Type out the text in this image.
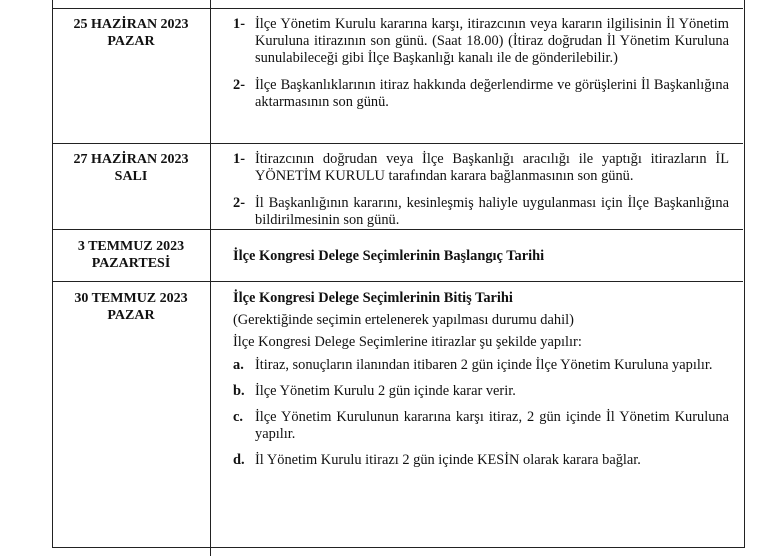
25 HAZİRAN 2023
PAZAR
1- İlçe Yönetim Kurulu kararına karşı, itirazcının veya kararın ilgilisinin İl Yönetim Kuruluna itirazının son günü. (Saat 18.00) (İtiraz doğrudan İl Yönetim Kuruluna sunulabileceği gibi İlçe Başkanlığı kanalı ile de gönderilebilir.)
2- İlçe Başkanlıklarının itiraz hakkında değerlendirme ve görüşlerini İl Başkanlığına aktarmasının son günü.
27 HAZİRAN 2023
SALI
1- İtirazcının doğrudan veya İlçe Başkanlığı aracılığı ile yaptığı itirazların İL YÖNETİM KURULU tarafından karara bağlanmasının son günü.
2- İl Başkanlığının kararını, kesinleşmiş haliyle uygulanması için İlçe Başkanlığına bildirilmesinin son günü.
3 TEMMUZ 2023
PAZARTESİ	İlçe Kongresi Delege Seçimlerinin Başlangıç Tarihi
30 TEMMUZ 2023
PAZAR

İlçe Kongresi Delege Seçimlerinin Bitiş Tarihi

(Gerektiğinde seçimin ertelenerek yapılması durumu dahil)

İlçe Kongresi Delege Seçimlerine itirazlar şu şekilde yapılır:

a. İtiraz, sonuçların ilanından itibaren 2 gün içinde İlçe Yönetim Kuruluna yapılır.
b. İlçe Yönetim Kurulu 2 gün içinde karar verir.
c. İlçe Yönetim Kurulunun kararına karşı itiraz, 2 gün içinde İl Yönetim Kuruluna yapılır.
d. İl Yönetim Kurulu itirazı 2 gün içinde KESİN olarak karara bağlar.
